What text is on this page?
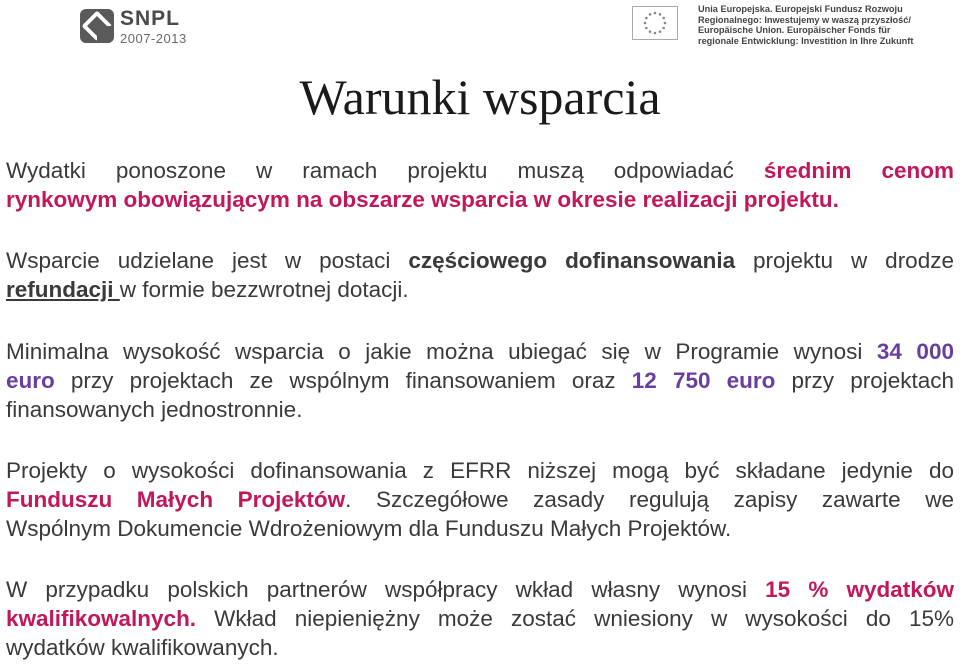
SNPL
2007-2013
Unia Europejska. Europejski Fundusz Rozwoju
Regionalnego: Inwestujemy w waszą przyszłość/
Europäische Union. Europäischer Fonds für
regionale Entwicklung: Investition in Ihre Zukunft
Warunki wsparcia
Wydatki ponoszone w ramach projektu muszą odpowiadać średnim cenom
rynkowym obowiązującym na obszarze wsparcia w okresie realizacji projektu.
Wsparcie udzielane jest w postaci częściowego dofinansowania projektu w drodze
refundacji w formie bezzwrotnej dotacji.
Minimalna wysokość wsparcia o jakie można ubiegać się w Programie wynosi 34 000
euro przy projektach ze wspólnym finansowaniem oraz 12 750 euro przy projektach
finansowanych jednostronnie.
Projekty o wysokości dofinansowania z EFRR niższej mogą być składane jedynie do
Funduszu Małych Projektów. Szczegółowe zasady regulują zapisy zawarte we
Wspólnym Dokumencie Wdrożeniowym dla Funduszu Małych Projektów.
W przypadku polskich partnerów współpracy wkład własny wynosi 15 % wydatków
kwalifikowalnych. Wkład niepieniężny może zostać wniesiony w wysokości do 15%
wydatków kwalifikowanych.
